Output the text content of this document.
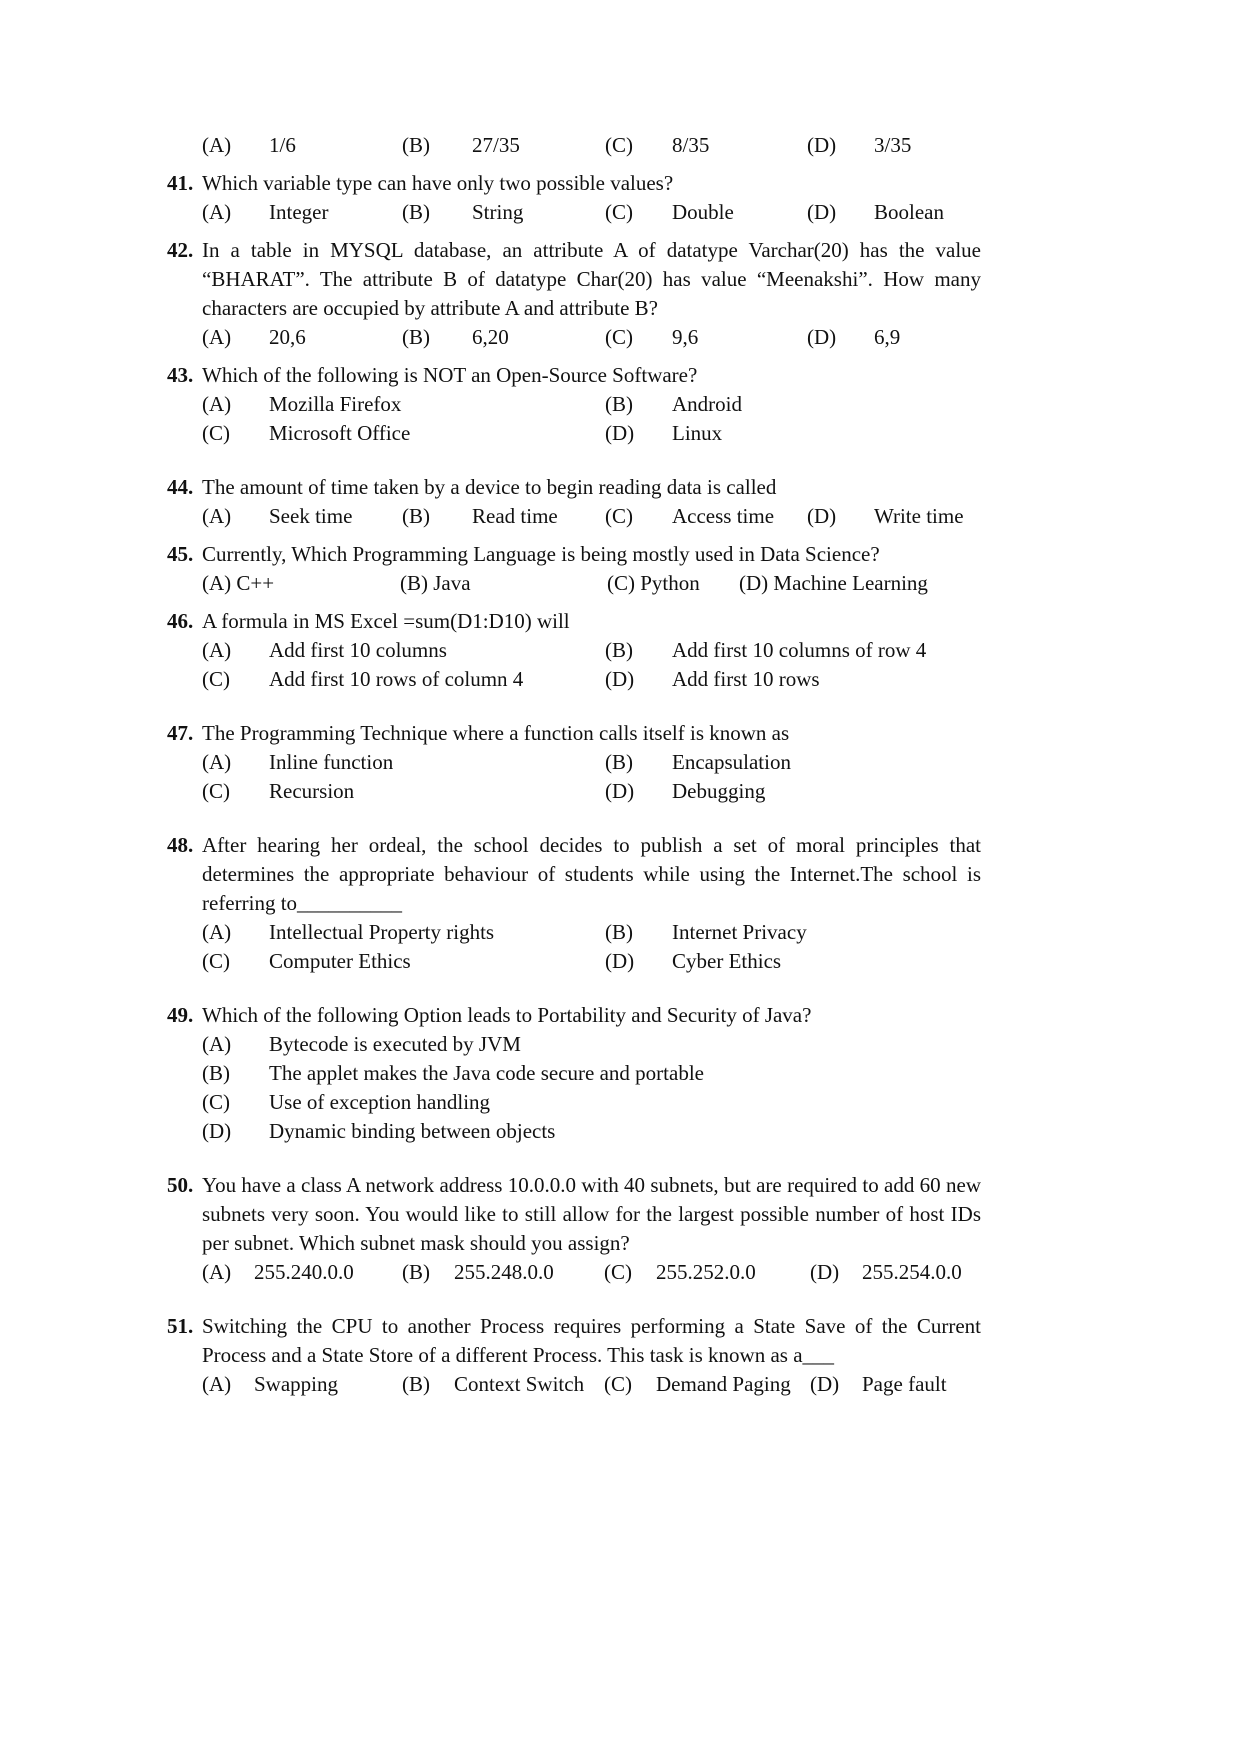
(A)	1/6	(B)	27/35	(C)	8/35	(D)	3/35
41. Which variable type can have only two possible values?
(A)	Integer	(B)	String	(C)	Double	(D)	Boolean
42. In a table in MYSQL database, an attribute A of datatype Varchar(20) has the value “BHARAT”. The attribute B of datatype Char(20) has value “Meenakshi”. How many characters are occupied by attribute A and attribute B?
(A)	20,6	(B)	6,20	(C)	9,6	(D)	6,9
43. Which of the following is NOT an Open-Source Software?
(A)	Mozilla Firefox	(B)	Android
(C)	Microsoft Office	(D)	Linux
44. The amount of time taken by a device to begin reading data is called
(A)	Seek time	(B)	Read time	(C)	Access time	(D)	Write time
45. Currently, Which Programming Language is being mostly used in Data Science?
(A) C++	(B) Java	(C) Python	(D) Machine Learning
46. A formula in MS Excel =sum(D1:D10) will
(A)	Add first 10 columns	(B)	Add first 10 columns of row 4
(C)	Add first 10 rows of column 4	(D)	Add first 10 rows
47. The Programming Technique where a function calls itself is known as
(A)	Inline function	(B)	Encapsulation
(C)	Recursion	(D)	Debugging
48. After hearing her ordeal, the school decides to publish a set of moral principles that determines the appropriate behaviour of students while using the Internet.The school is referring to__________
(A)	Intellectual Property rights	(B)	Internet Privacy
(C)	Computer Ethics	(D)	Cyber Ethics
49. Which of the following Option leads to Portability and Security of Java?
(A)	Bytecode is executed by JVM
(B)	The applet makes the Java code secure and portable
(C)	Use of exception handling
(D)	Dynamic binding between objects
50. You have a class A network address 10.0.0.0 with 40 subnets, but are required to add 60 new subnets very soon. You would like to still allow for the largest possible number of host IDs per subnet. Which subnet mask should you assign?
(A)	255.240.0.0	(B)	255.248.0.0	(C)	255.252.0.0	(D)	255.254.0.0
51. Switching the CPU to another Process requires performing a State Save of the Current Process and a State Store of a different Process. This task is known as a___
(A)	Swapping	(B)	Context Switch (C)	Demand Paging (D)	Page fault
